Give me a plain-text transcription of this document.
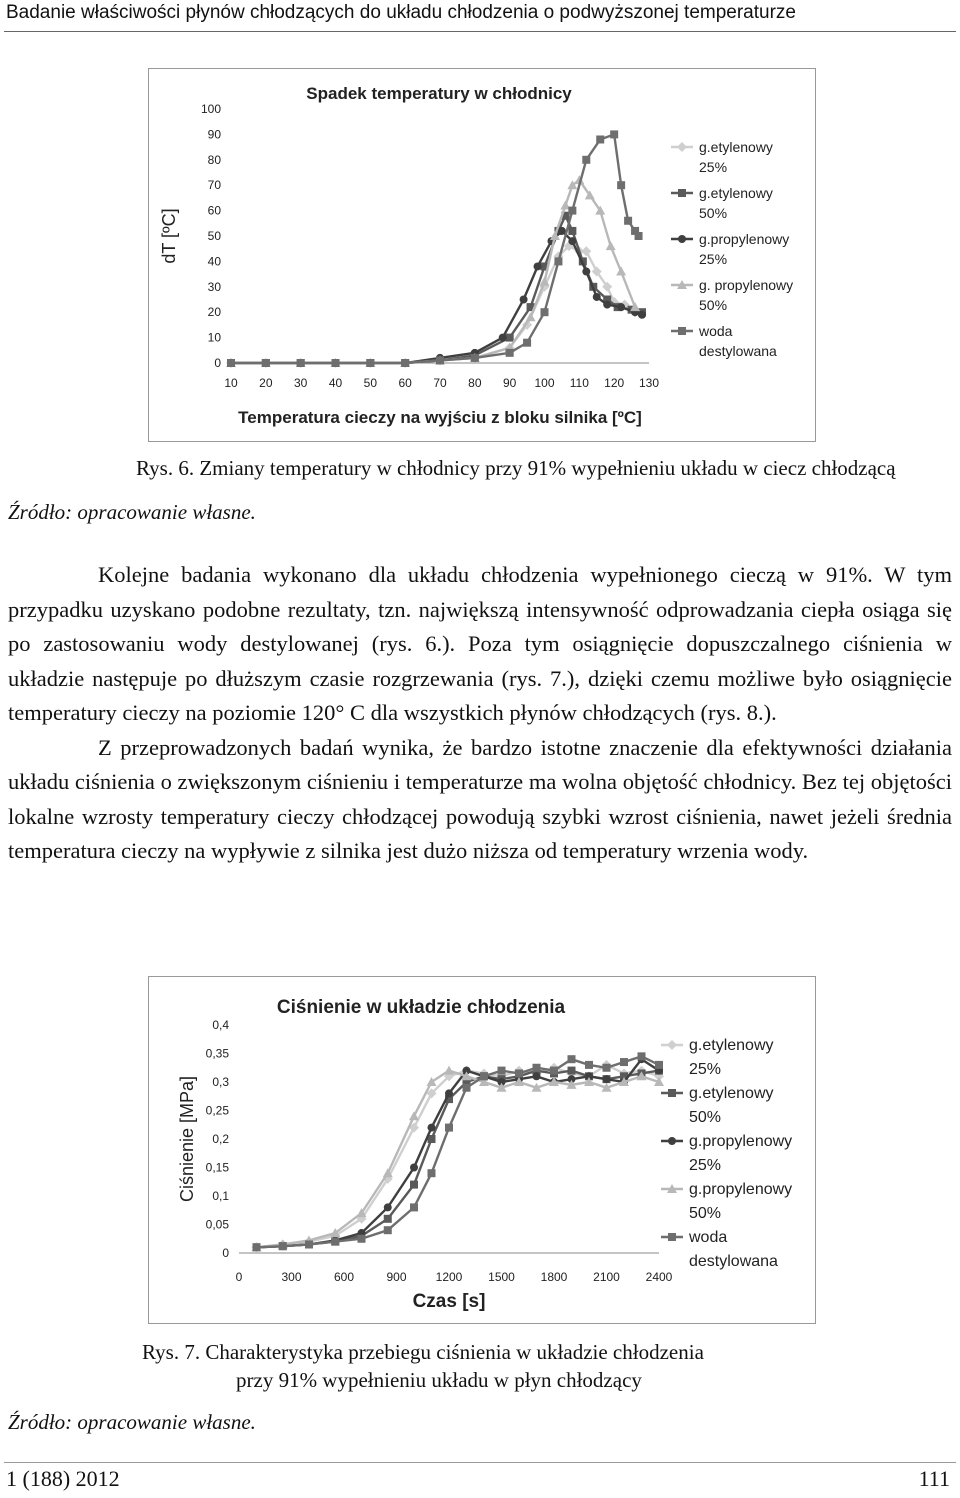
Badanie właściwości płynów chłodzących do układu chłodzenia o podwyższonej temperaturze
Spadek temperatury w chłodnicy
0
10
20
30
40
50
60
70
80
90
100
10 20 30 40 50 60 70 80 90 100 110 120 130
Temperatura cieczy na wyjściu z bloku silnika [ºC]
dT [ºC]
g.etylenowy
25%
g.etylenowy
50%
g.propylenowy
25%
g. propylenowy
50%
woda
destylowana
Rys. 6. Zmiany temperatury w chłodnicy przy 91% wypełnieniu układu w ciecz chłodzącą
Źródło: opracowanie własne.

Kolejne badania wykonano dla układu chłodzenia wypełnionego cieczą w 91%. W tym przypadku uzyskano podobne rezultaty, tzn. największą intensywność odprowadzania ciepła osiąga się po zastosowaniu wody destylowanej (rys. 6.). Poza tym osiągnięcie dopuszczalnego ciśnienia w układzie następuje po dłuższym czasie rozgrzewania (rys. 7.), dzięki czemu możliwe było osiągnięcie temperatury cieczy na poziomie 120° C dla wszystkich płynów chłodzących (rys. 8.).

Z przeprowadzonych badań wynika, że bardzo istotne znaczenie dla efektywności działania układu ciśnienia o zwiększonym ciśnieniu i temperaturze ma wolna objętość chłodnicy. Bez tej objętości lokalne wzrosty temperatury cieczy chłodzącej powodują szybki wzrost ciśnienia, nawet jeżeli średnia temperatura cieczy na wypływie z silnika jest dużo niższa od temperatury wrzenia wody.

Ciśnienie w układzie chłodzenia
0
0,05
0,1
0,15
0,2
0,25
0,3
0,35
0,4
0	300	600	900 1200 1500 1800 2100 2400
Czas [s]
Ciśnienie [MPa]
g.etylenowy
25%
g.etylenowy
50%
g.propylenowy
25%
g.propylenowy
50%
woda
destylowana
Rys. 7. Charakterystyka przebiegu ciśnienia w układzie chłodzenia
przy 91% wypełnieniu układu w płyn chłodzący
Źródło: opracowanie własne.
1 (188) 2012	111
